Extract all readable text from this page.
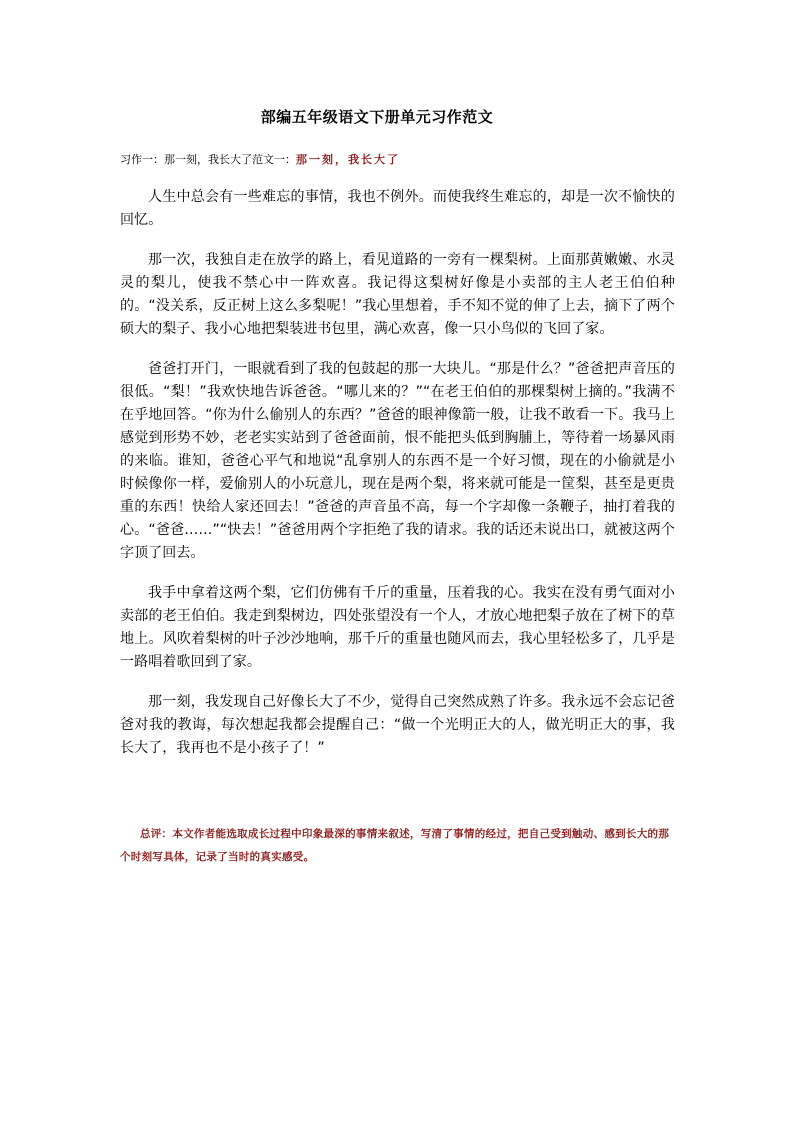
部编五年级语文下册单元习作范文
习作一：那一刻，我长大了范文一：那一刻，我长大了

人生中总会有一些难忘的事情，我也不例外。而使我终生难忘的，却是一次不愉快的回忆。

那一次，我独自走在放学的路上，看见道路的一旁有一棵梨树。上面那黄嫩嫩、水灵灵的梨儿，使我不禁心中一阵欢喜。我记得这梨树好像是小卖部的主人老王伯伯种的。“没关系，反正树上这么多梨呢！”我心里想着，手不知不觉的伸了上去，摘下了两个硕大的梨子、我小心地把梨装进书包里，满心欢喜，像一只小鸟似的飞回了家。

爸爸打开门，一眼就看到了我的包鼓起的那一大块儿。“那是什么？”爸爸把声音压的很低。“梨！”我欢快地告诉爸爸。“哪儿来的？”“在老王伯伯的那棵梨树上摘的。”我满不在乎地回答。“你为什么偷别人的东西？”爸爸的眼神像箭一般，让我不敢看一下。我马上感觉到形势不妙，老老实实站到了爸爸面前，恨不能把头低到胸脯上，等待着一场暴风雨的来临。谁知，爸爸心平气和地说“乱拿别人的东西不是一个好习惯，现在的小偷就是小时候像你一样，爱偷别人的小玩意儿，现在是两个梨，将来就可能是一筐梨，甚至是更贵重的东西！快给人家还回去！”爸爸的声音虽不高，每一个字却像一条鞭子，抽打着我的心。“爸爸……”“快去！”爸爸用两个字拒绝了我的请求。我的话还未说出口，就被这两个字顶了回去。

我手中拿着这两个梨，它们仿佛有千斤的重量，压着我的心。我实在没有勇气面对小卖部的老王伯伯。我走到梨树边，四处张望没有一个人，才放心地把梨子放在了树下的草地上。风吹着梨树的叶子沙沙地响，那千斤的重量也随风而去，我心里轻松多了，几乎是一路唱着歌回到了家。

那一刻，我发现自己好像长大了不少，觉得自己突然成熟了许多。我永远不会忘记爸爸对我的教诲，每次想起我都会提醒自己：“做一个光明正大的人，做光明正大的事，我长大了，我再也不是小孩子了！”

总评：本文作者能选取成长过程中印象最深的事情来叙述，写清了事情的经过，把自己受到触动、感到长大的那个时刻写具体，记录了当时的真实感受。
